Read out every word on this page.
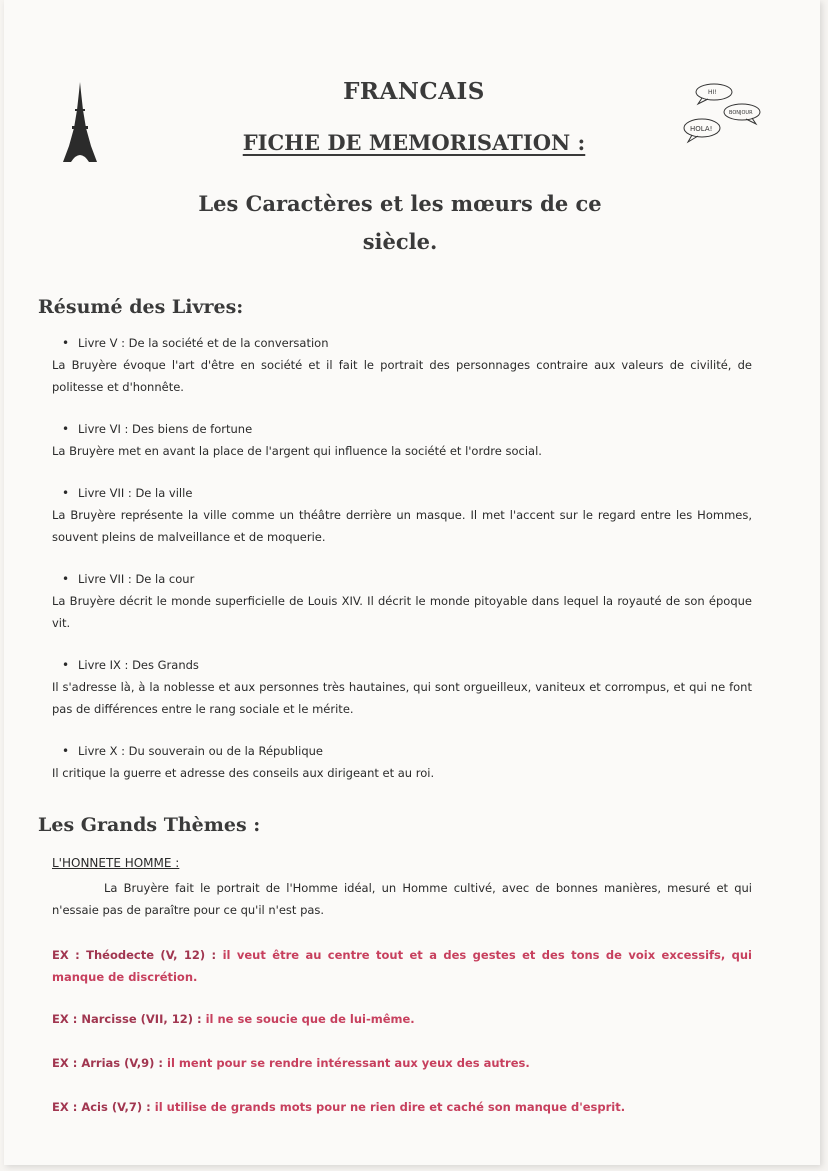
HI!
BONJOUR
HOLA!
FRANCAIS
FICHE DE MEMORISATION :
Les Caractères et les mœurs de ce
siècle.
Résumé des Livres:
• Livre V : De la société et de la conversation
La Bruyère évoque l'art d'être en société et il fait le portrait des personnages contraire aux valeurs de civilité, de politesse et d'honnête.
• Livre VI : Des biens de fortune
La Bruyère met en avant la place de l'argent qui influence la société et l'ordre social.
• Livre VII : De la ville
La Bruyère représente la ville comme un théâtre derrière un masque. Il met l'accent sur le regard entre les Hommes, souvent pleins de malveillance et de moquerie.
• Livre VII : De la cour
La Bruyère décrit le monde superficielle de Louis XIV. Il décrit le monde pitoyable dans lequel la royauté de son époque vit.
• Livre IX : Des Grands
Il s'adresse là, à la noblesse et aux personnes très hautaines, qui sont orgueilleux, vaniteux et corrompus, et qui ne font pas de différences entre le rang sociale et le mérite.
• Livre X : Du souverain ou de la République
Il critique la guerre et adresse des conseils aux dirigeant et au roi.
Les Grands Thèmes :
L'HONNETE HOMME :
La Bruyère fait le portrait de l'Homme idéal, un Homme cultivé, avec de bonnes manières, mesuré et qui n'essaie pas de paraître pour ce qu'il n'est pas.
EX : Théodecte (V, 12) : il veut être au centre tout et a des gestes et des tons de voix excessifs, qui manque de discrétion.
EX : Narcisse (VII, 12) : il ne se soucie que de lui-même.
EX : Arrias (V,9) : il ment pour se rendre intéressant aux yeux des autres.
EX : Acis (V,7) : il utilise de grands mots pour ne rien dire et caché son manque d'esprit.
